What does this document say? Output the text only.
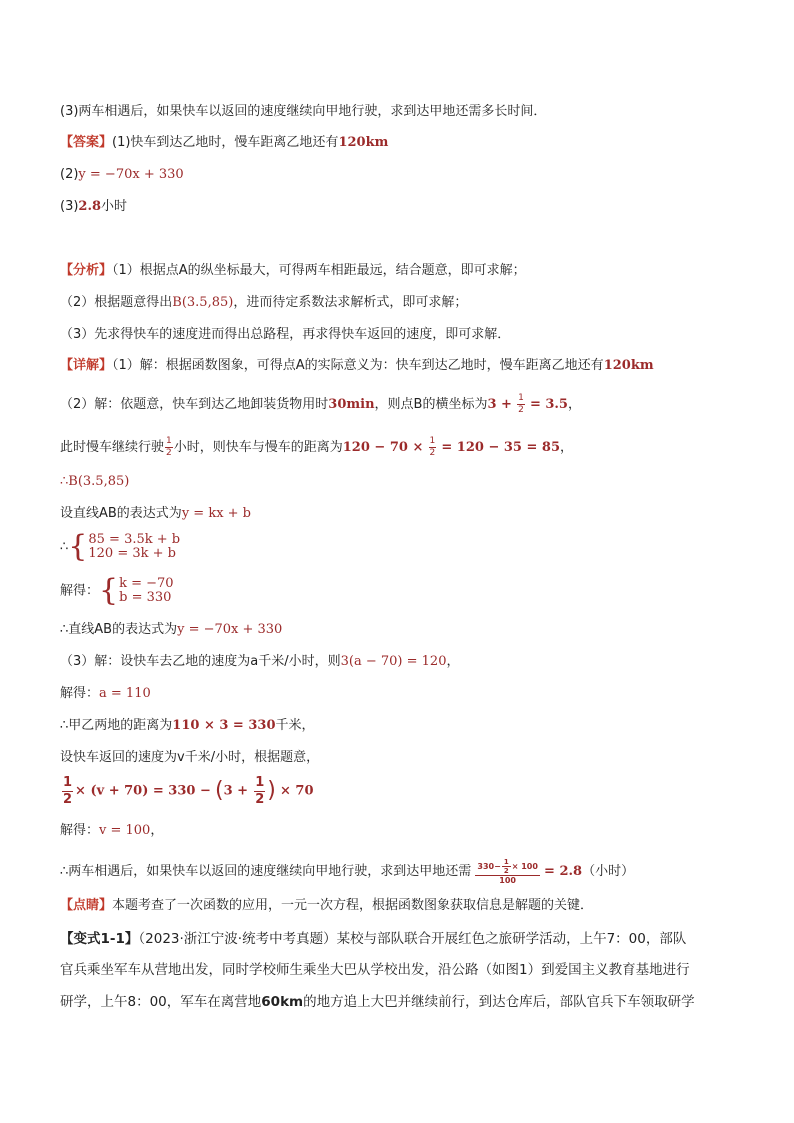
(3)两车相遇后，如果快车以返回的速度继续向甲地行驶，求到达甲地还需多长时间．
【答案】(1)快车到达乙地时，慢车距离乙地还有120km
(2)y = −70x + 330
(3)2.8小时
【分析】（1）根据点A的纵坐标最大，可得两车相距最远，结合题意，即可求解；
（2）根据题意得出B(3.5,85)，进而待定系数法求解析式，即可求解；
（3）先求得快车的速度进而得出总路程，再求得快车返回的速度，即可求解．
【详解】（1）解：根据函数图象，可得点A的实际意义为：快车到达乙地时，慢车距离乙地还有120km
（2）解：依题意，快车到达乙地卸装货物用时30min，则点B的横坐标为$3 + \frac{1}{2} = 3.5$，
此时慢车继续行驶 $\frac{1}{2}$ 小时，则快车与慢车的距离为$120 - 70 \times \frac{1}{2} = 120 - 35 = 85$，
∴B(3.5,85)
设直线AB的表达式为y = kx + b
∴ { 85 = 3.5k + b
120 = 3k + b
解得： { k = −70
b = 330
∴直线AB的表达式为y = −70x + 330
（3）解：设快车去乙地的速度为a千米/小时，则3(a − 70) = 120，
解得：a = 110
∴甲乙两地的距离为110 × 3 = 330千米，
设快车返回的速度为v千米/小时，根据题意，
$\frac{1}{2} \times (v + 70) = 330 - (3 + \frac{1}{2}$ ) × 70
解得：v = 100，
∴两车相遇后，如果快车以返回的速度继续向甲地行驶，求到达甲地还需 $\frac{330- \frac{1}{2} \times 100}{100} = 2.8$（小时）
【点睛】本题考查了一次函数的应用，一元一次方程，根据函数图象获取信息是解题的关键．
【变式1-1】（2023·浙江宁波·统考中考真题）某校与部队联合开展红色之旅研学活动，上午7：00，部队
官兵乘坐军车从营地出发，同时学校师生乘坐大巴从学校出发，沿公路（如图1）到爱国主义教育基地进行
研学，上午8：00，军车在离营地60km的地方追上大巴并继续前行，到达仓库后，部队官兵下车领取研学
